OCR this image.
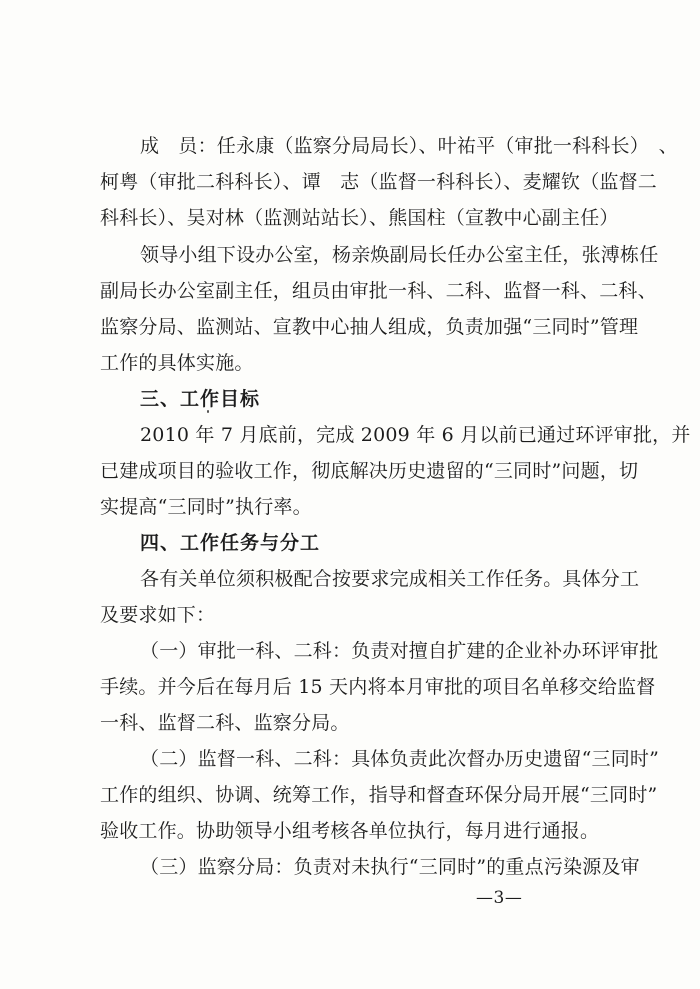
成　员：任永康（监察分局局长）、叶祐平（审批一科科长）　、
柯粤（审批二科科长）、谭　志（监督一科科长）、麦耀钦（监督二
科科长）、吴对林（监测站站长）、熊国柱（宣教中心副主任）
领导小组下设办公室，杨亲焕副局长任办公室主任，张溥栋任
副局长办公室副主任，组员由审批一科、二科、监督一科、二科、
监察分局、监测站、宣教中心抽人组成，负责加强“三同时”管理
工作的具体实施。
三、工作目标
2010 年 7 月底前，完成 2009 年 6 月以前已通过环评审批，并
已建成项目的验收工作，彻底解决历史遗留的“三同时”问题，切
实提高“三同时”执行率。
四、工作任务与分工
各有关单位须积极配合按要求完成相关工作任务。具体分工
及要求如下：
（一）审批一科、二科：负责对擅自扩建的企业补办环评审批
手续。并今后在每月后 15 天内将本月审批的项目名单移交给监督
一科、监督二科、监察分局。
（二）监督一科、二科：具体负责此次督办历史遗留“三同时”
工作的组织、协调、统筹工作，指导和督查环保分局开展“三同时”
验收工作。协助领导小组考核各单位执行，每月进行通报。
（三）监察分局：负责对未执行“三同时”的重点污染源及审
—3—
